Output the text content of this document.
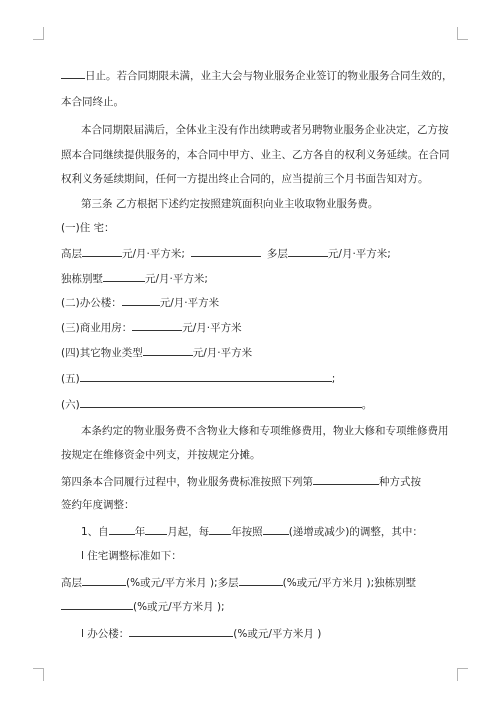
日止。若合同期限未满，业主大会与物业服务企业签订的物业服务合同生效的，
本合同终止。
本合同期限届满后，全体业主没有作出续聘或者另聘物业服务企业决定，乙方按
照本合同继续提供服务的，本合同中甲方、业主、乙方各自的权利义务延续。在合同
权利义务延续期间，任何一方提出终止合同的，应当提前三个月书面告知对方。
第三条 乙方根据下述约定按照建筑面积向业主收取物业服务费。
(一)住 宅：
高层	元/月·平方米;	多层	元/月·平方米;
独栋别墅	元/月·平方米;
(二)办公楼：	元/月·平方米
(三)商业用房：	元/月·平方米
(四)其它物业类型	元/月·平方米
(五)	;
(六)	。
本条约定的物业服务费不含物业大修和专项维修费用，物业大修和专项维修费用
按规定在维修资金中列支，并按规定分摊。
第四条本合同履行过程中，物业服务费标准按照下列第	种方式按
签约年度调整：
1、自 年 月起，每 年按照 (递增或减少)的调整，其中：
l 住宅调整标准如下：
高层	(%或元/平方米月 );多层	(%或元/平方米月 );独栋别墅
(%或元/平方米月 );
l 办公楼：	(%或元/平方米月 )
